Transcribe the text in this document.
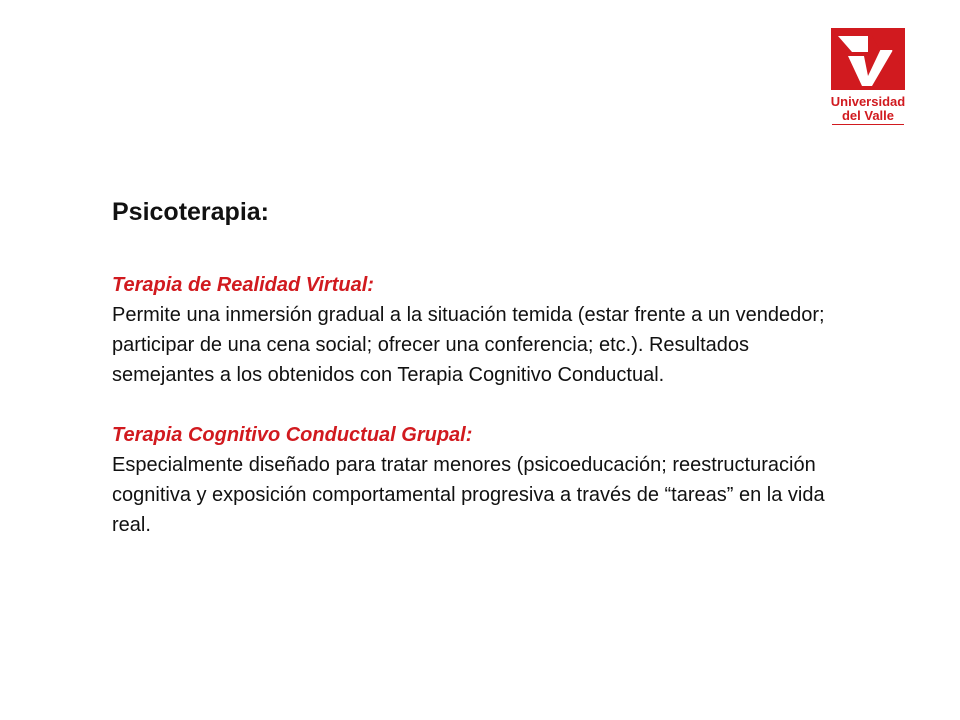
Universidad
del Valle
Psicoterapia:

Terapia de Realidad Virtual:

Permite una inmersión gradual a la situación temida (estar frente a un vendedor; participar de una cena social; ofrecer una conferencia; etc.). Resultados semejantes a los obtenidos con Terapia Cognitivo Conductual.

Terapia Cognitivo Conductual Grupal:

Especialmente diseñado para tratar menores (psicoeducación; reestructuración cognitiva y exposición comportamental progresiva a través de “tareas” en la vida real.
